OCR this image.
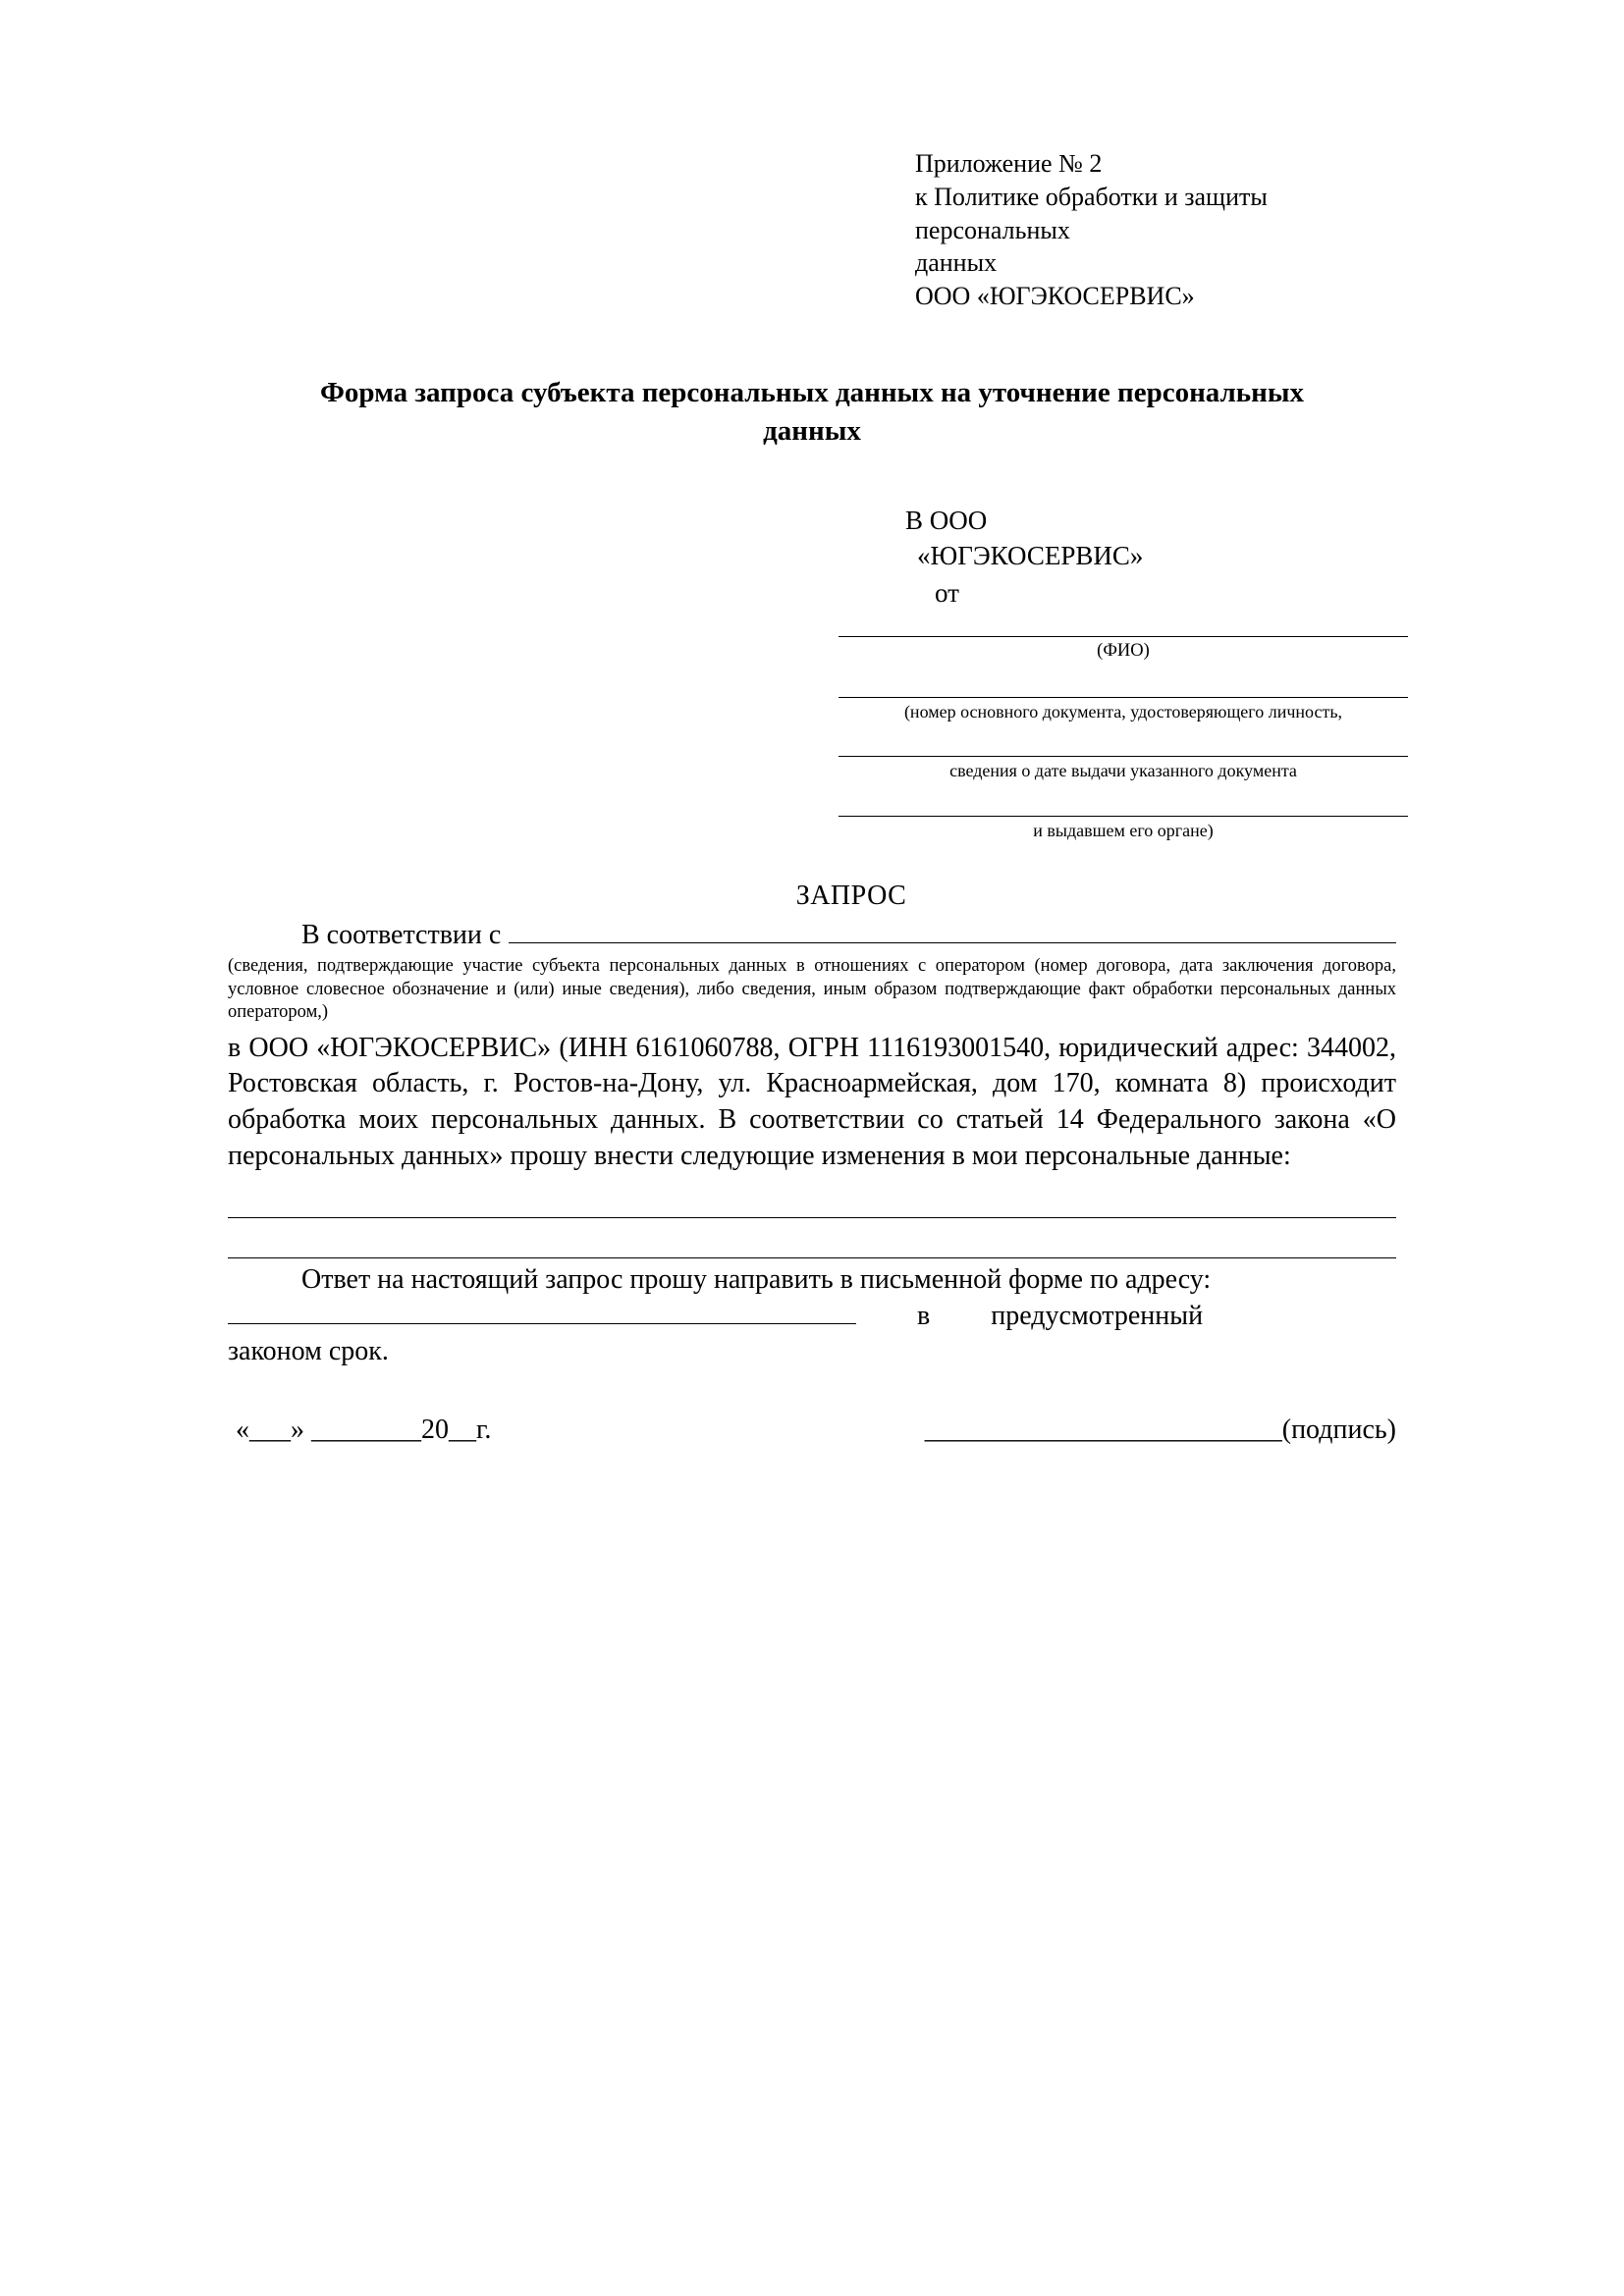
Приложение № 2
к Политике обработки и защиты персональных
данных
ООО «ЮГЭКОСЕРВИС»
Форма запроса субъекта персональных данных на уточнение персональных данных
В ООО
«ЮГЭКОСЕРВИС»
от
(ФИО)
(номер основного документа, удостоверяющего личность,
сведения о дате выдачи указанного документа
и выдавшем его органе)
ЗАПРОС
В соответствии с
(сведения, подтверждающие участие субъекта персональных данных в отношениях с оператором (номер договора, дата заключения договора, условное словесное обозначение и (или) иные сведения), либо сведения, иным образом подтверждающие факт обработки персональных данных оператором,)
в ООО «ЮГЭКОСЕРВИС» (ИНН 6161060788, ОГРН 1116193001540, юридический адрес: 344002, Ростовская область, г. Ростов-на-Дону, ул. Красноармейская, дом 170, комната 8) происходит обработка моих персональных данных. В соответствии со статьей 14 Федерального закона «О персональных данных» прошу внести следующие изменения в мои персональные данные:
Ответ на настоящий запрос прошу направить в письменной форме по адресу:
в предусмотренный
законом срок.
«___» ________20__г.	__________________________(подпись)
